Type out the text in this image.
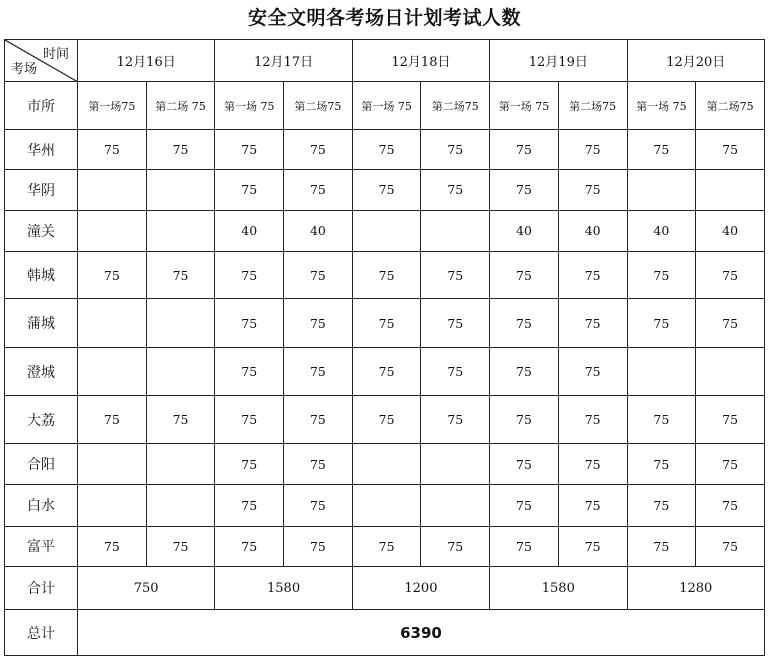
安全文明各考场日计划考试人数
时间
考场	12月16日		12月17日		12月18日		12月19日		12月20日	
市所	第一场75	第二场 75	第一场 75	第二场75	第一场 75	第二场75	第一场 75	第二场75	第一场 75	第二场75
华州	75	75	75	75	75	75	75	75	75	75
华阴			75	75	75	75	75	75		
潼关			40	40			40	40	40	40
韩城	75	75	75	75	75	75	75	75	75	75
蒲城			75	75	75	75	75	75	75	75
澄城			75	75	75	75	75	75		
大荔	75	75	75	75	75	75	75	75	75	75
合阳			75	75			75	75	75	75
白水			75	75			75	75	75	75
富平	75	75	75	75	75	75	75	75	75	75
合计	750		1580		1200		1580		1280	
总计	6390									
